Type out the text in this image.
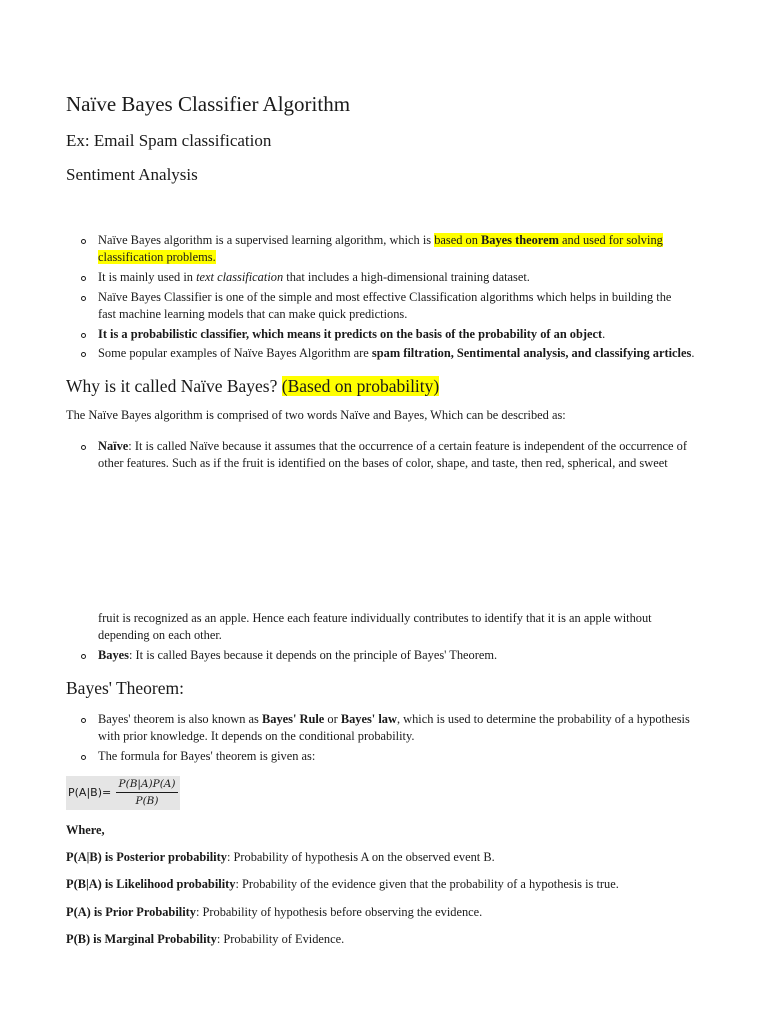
Naïve Bayes Classifier Algorithm
Ex: Email Spam classification
Sentiment Analysis
Naïve Bayes algorithm is a supervised learning algorithm, which is based on Bayes theorem and used for solving
classification problems.
It is mainly used in text classification that includes a high-dimensional training dataset.
Naïve Bayes Classifier is one of the simple and most effective Classification algorithms which helps in building the
fast machine learning models that can make quick predictions.
It is a probabilistic classifier, which means it predicts on the basis of the probability of an object.
Some popular examples of Naïve Bayes Algorithm are spam filtration, Sentimental analysis, and classifying articles.
Why is it called Naïve Bayes? (Based on probability)
The Naïve Bayes algorithm is comprised of two words Naïve and Bayes, Which can be described as:
Naïve: It is called Naïve because it assumes that the occurrence of a certain feature is independent of the occurrence of
other features. Such as if the fruit is identified on the bases of color, shape, and taste, then red, spherical, and sweet
fruit is recognized as an apple. Hence each feature individually contributes to identify that it is an apple without
depending on each other.
Bayes: It is called Bayes because it depends on the principle of Bayes' Theorem.
Bayes' Theorem:
Bayes' theorem is also known as Bayes' Rule or Bayes' law, which is used to determine the probability of a hypothesis
with prior knowledge. It depends on the conditional probability.
The formula for Bayes' theorem is given as:
P(A|B)=
P(B|A)P(A)
P(B)
Where,
P(A|B) is Posterior probability: Probability of hypothesis A on the observed event B.
P(B|A) is Likelihood probability: Probability of the evidence given that the probability of a hypothesis is true.
P(A) is Prior Probability: Probability of hypothesis before observing the evidence.
P(B) is Marginal Probability: Probability of Evidence.
